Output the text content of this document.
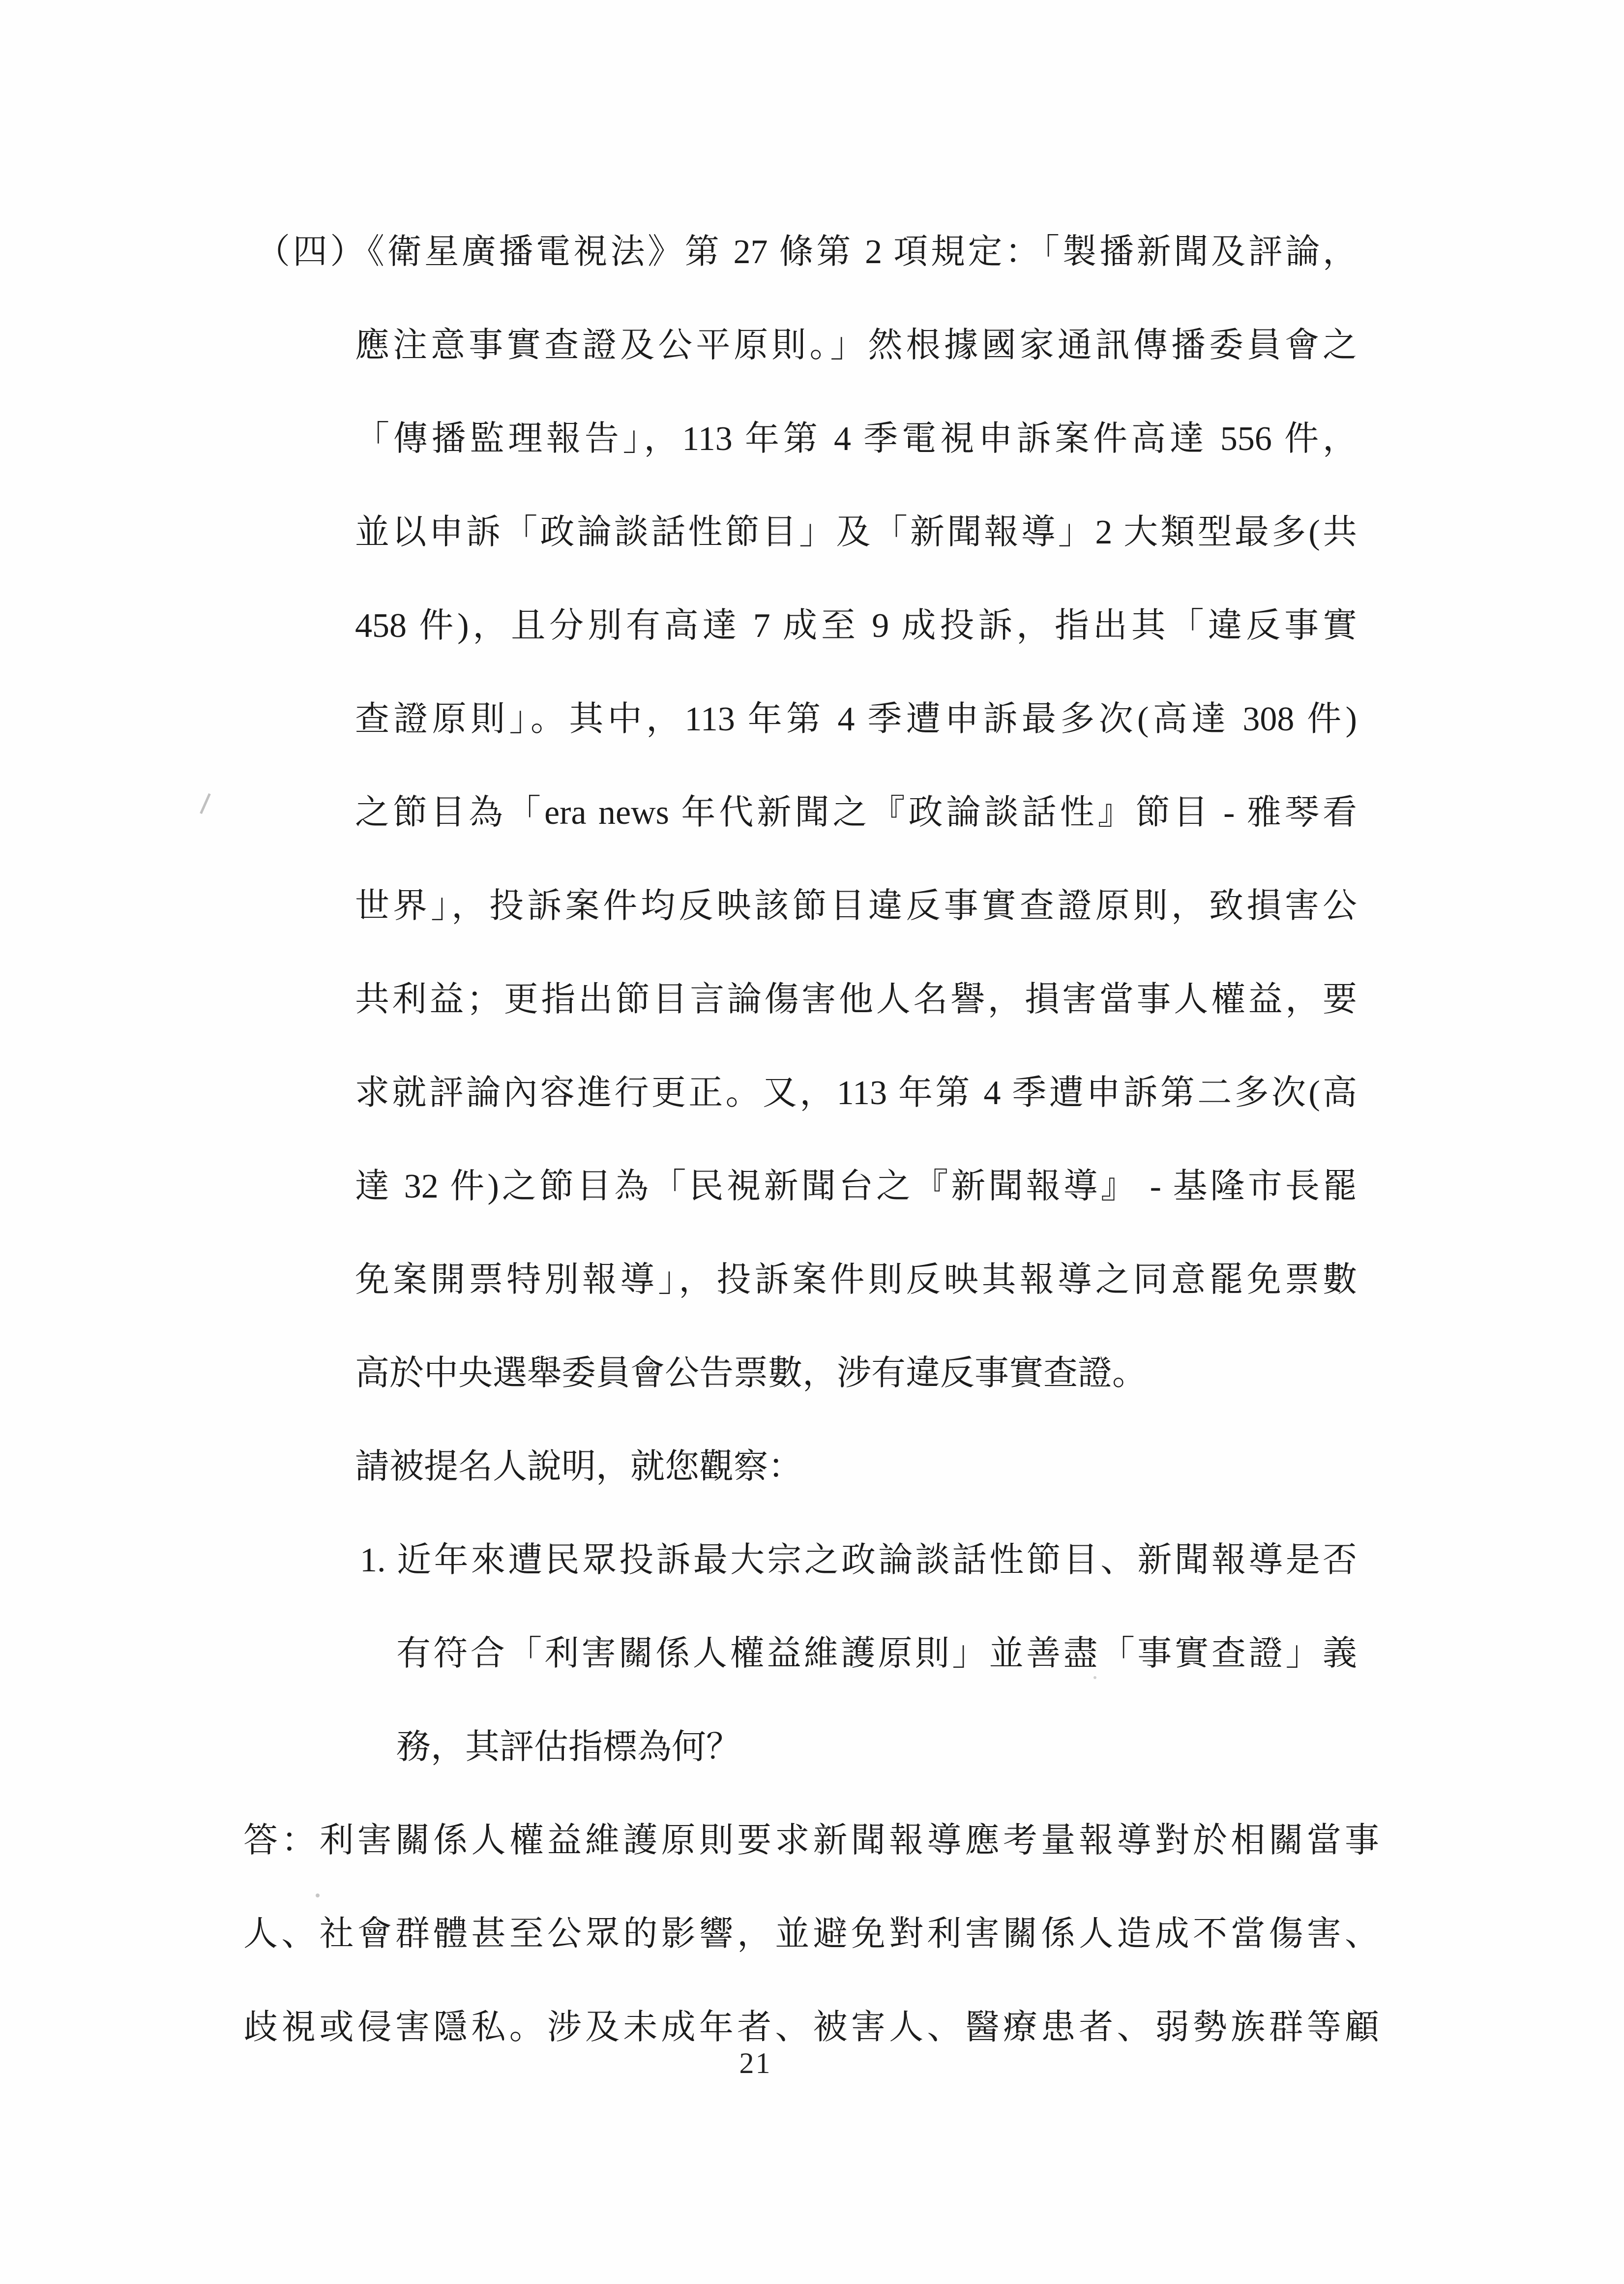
（四）《衛星廣播電視法》第 27 條第 2 項規定：「製播新聞及評論，
應注意事實查證及公平原則。」然根據國家通訊傳播委員會之
「傳播監理報告」，113 年第 4 季電視申訴案件高達 556 件，
並以申訴「政論談話性節目」及「新聞報導」2 大類型最多(共
458 件)，且分別有高達 7 成至 9 成投訴，指出其「違反事實
查證原則」。其中，113 年第 4 季遭申訴最多次(高達 308 件)
之節目為「era news 年代新聞之『政論談話性』節目 - 雅琴看
世界」，投訴案件均反映該節目違反事實查證原則，致損害公
共利益；更指出節目言論傷害他人名譽，損害當事人權益，要
求就評論內容進行更正。又，113 年第 4 季遭申訴第二多次(高
達 32 件)之節目為「民視新聞台之『新聞報導』 - 基隆市長罷
免案開票特別報導」，投訴案件則反映其報導之同意罷免票數
高於中央選舉委員會公告票數，涉有違反事實查證。
請被提名人說明，就您觀察：
1. 近年來遭民眾投訴最大宗之政論談話性節目、新聞報導是否
有符合「利害關係人權益維護原則」並善盡「事實查證」義
務，其評估指標為何？
答：利害關係人權益維護原則要求新聞報導應考量報導對於相關當事
人、社會群體甚至公眾的影響，並避免對利害關係人造成不當傷害、
歧視或侵害隱私。涉及未成年者、被害人、醫療患者、弱勢族群等顧
21
